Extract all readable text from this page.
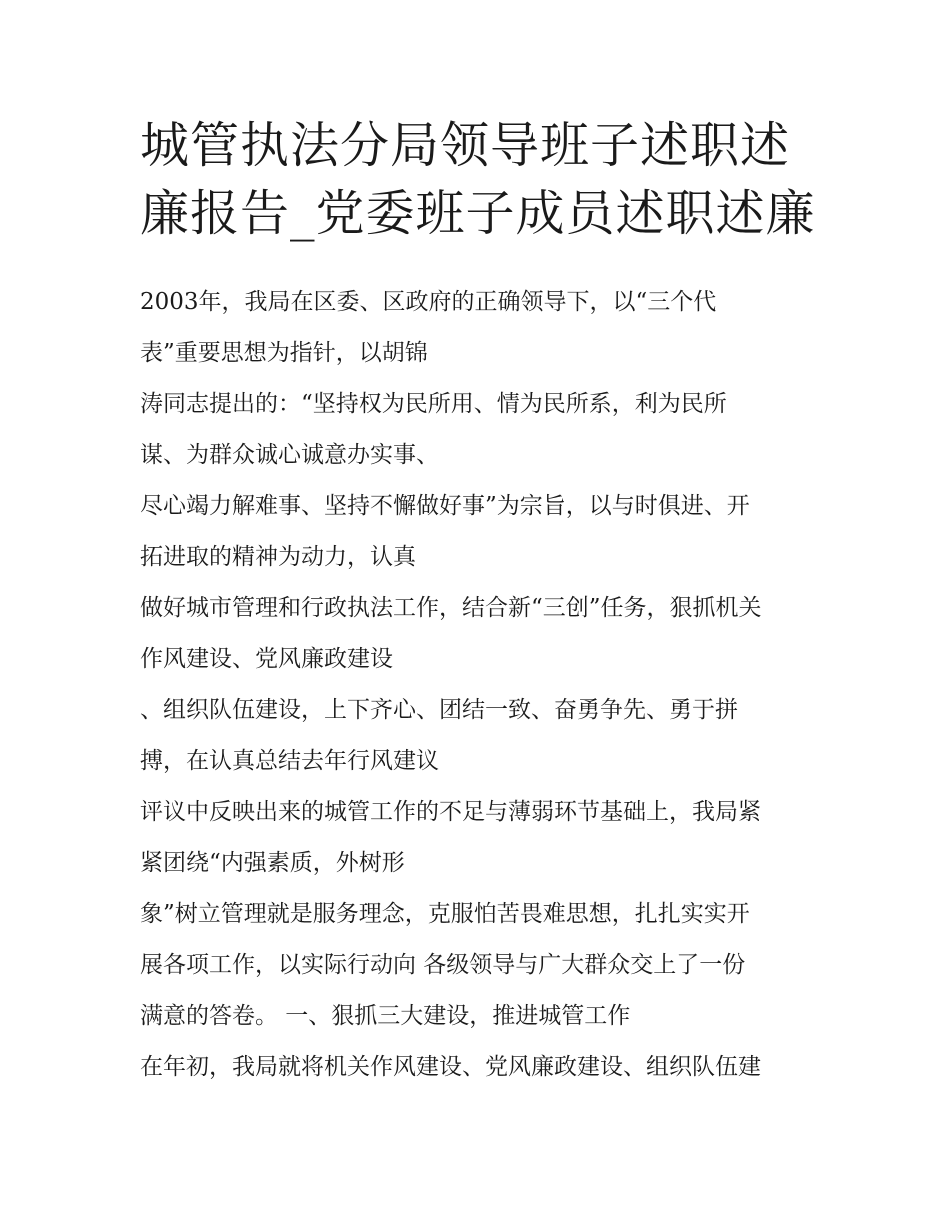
城管执法分局领导班子述职述
廉报告_党委班子成员述职述廉
2003年，我局在区委、区政府的正确领导下，以“三个代
表”重要思想为指针，以胡锦
涛同志提出的：“坚持权为民所用、情为民所系，利为民所
谋、为群众诚心诚意办实事、
尽心竭力解难事、坚持不懈做好事”为宗旨，以与时俱进、开
拓进取的精神为动力，认真
做好城市管理和行政执法工作，结合新“三创”任务，狠抓机关
作风建设、党风廉政建设
、组织队伍建设，上下齐心、团结一致、奋勇争先、勇于拼
搏，在认真总结去年行风建议
评议中反映出来的城管工作的不足与薄弱环节基础上，我局紧
紧团绕“内强素质，外树形
象”树立管理就是服务理念，克服怕苦畏难思想，扎扎实实开
展各项工作，以实际行动向 各级领导与广大群众交上了一份
满意的答卷。 一、狠抓三大建设，推进城管工作
在年初，我局就将机关作风建设、党风廉政建设、组织队伍建
